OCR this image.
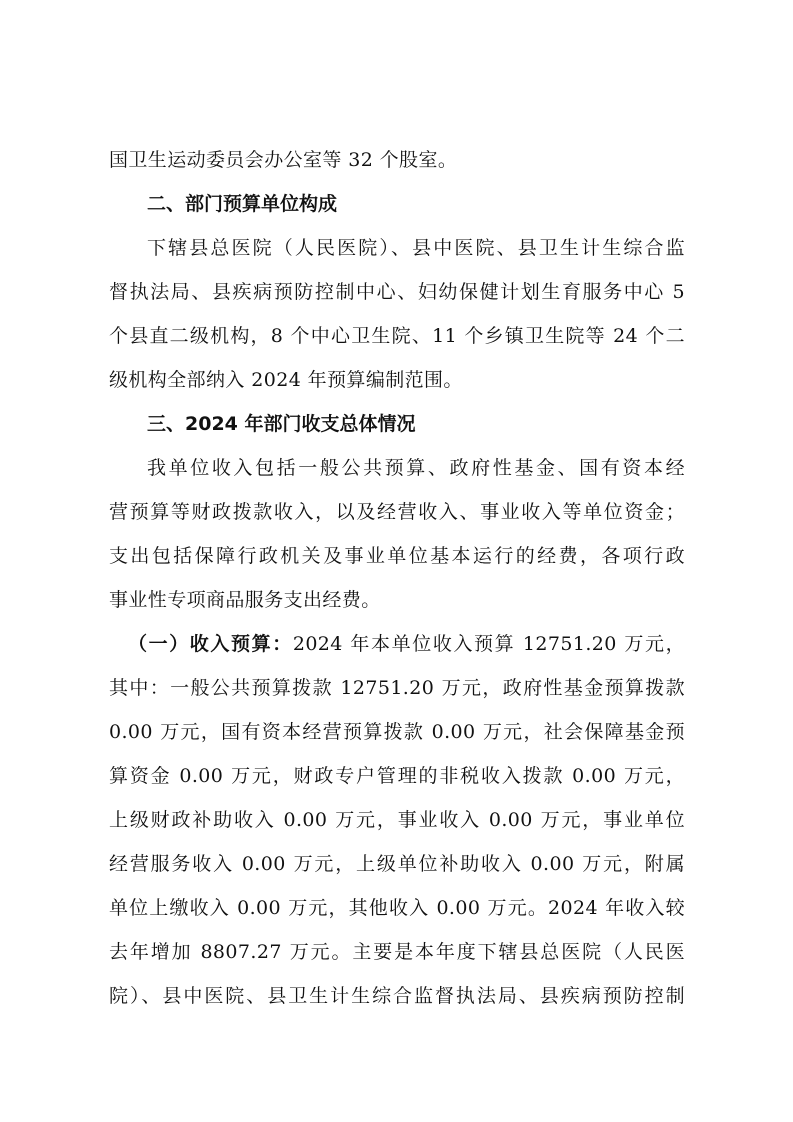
国卫生运动委员会办公室等 32 个股室。
二、部门预算单位构成
下辖县总医院（人民医院）、县中医院、县卫生计生综合监
督执法局、县疾病预防控制中心、妇幼保健计划生育服务中心 5
个县直二级机构，8 个中心卫生院、11 个乡镇卫生院等 24 个二
级机构全部纳入 2024 年预算编制范围。
三、2024 年部门收支总体情况
我单位收入包括一般公共预算、政府性基金、国有资本经
营预算等财政拨款收入，以及经营收入、事业收入等单位资金；
支出包括保障行政机关及事业单位基本运行的经费，各项行政
事业性专项商品服务支出经费。
（一）收入预算：2024 年本单位收入预算 12751.20 万元，
其中：一般公共预算拨款 12751.20 万元，政府性基金预算拨款
0.00 万元，国有资本经营预算拨款 0.00 万元，社会保障基金预
算资金 0.00 万元，财政专户管理的非税收入拨款 0.00 万元，
上级财政补助收入 0.00 万元，事业收入 0.00 万元，事业单位
经营服务收入 0.00 万元，上级单位补助收入 0.00 万元，附属
单位上缴收入 0.00 万元，其他收入 0.00 万元。2024 年收入较
去年增加 8807.27 万元。主要是本年度下辖县总医院（人民医
院）、县中医院、县卫生计生综合监督执法局、县疾病预防控制
